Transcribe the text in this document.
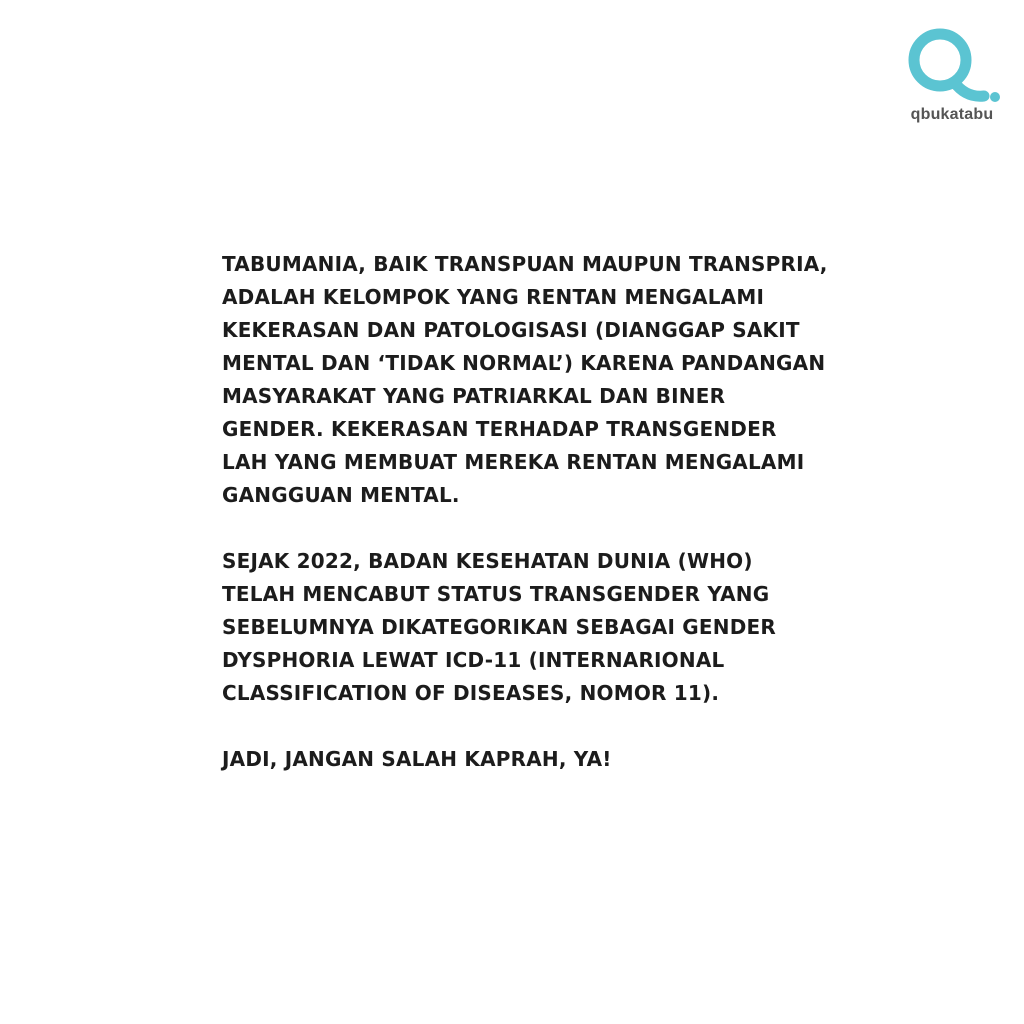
qbukatabu
TABUMANIA, BAIK TRANSPUAN MAUPUN TRANSPRIA,
ADALAH KELOMPOK YANG RENTAN MENGALAMI
KEKERASAN DAN PATOLOGISASI (DIANGGAP SAKIT
MENTAL DAN ‘TIDAK NORMAL’) KARENA PANDANGAN
MASYARAKAT YANG PATRIARKAL DAN BINER
GENDER. KEKERASAN TERHADAP TRANSGENDER
LAH YANG MEMBUAT MEREKA RENTAN MENGALAMI
GANGGUAN MENTAL.
SEJAK 2022, BADAN KESEHATAN DUNIA (WHO)
TELAH MENCABUT STATUS TRANSGENDER YANG
SEBELUMNYA DIKATEGORIKAN SEBAGAI GENDER
DYSPHORIA LEWAT ICD-11 (INTERNARIONAL
CLASSIFICATION OF DISEASES, NOMOR 11).
JADI, JANGAN SALAH KAPRAH, YA!
